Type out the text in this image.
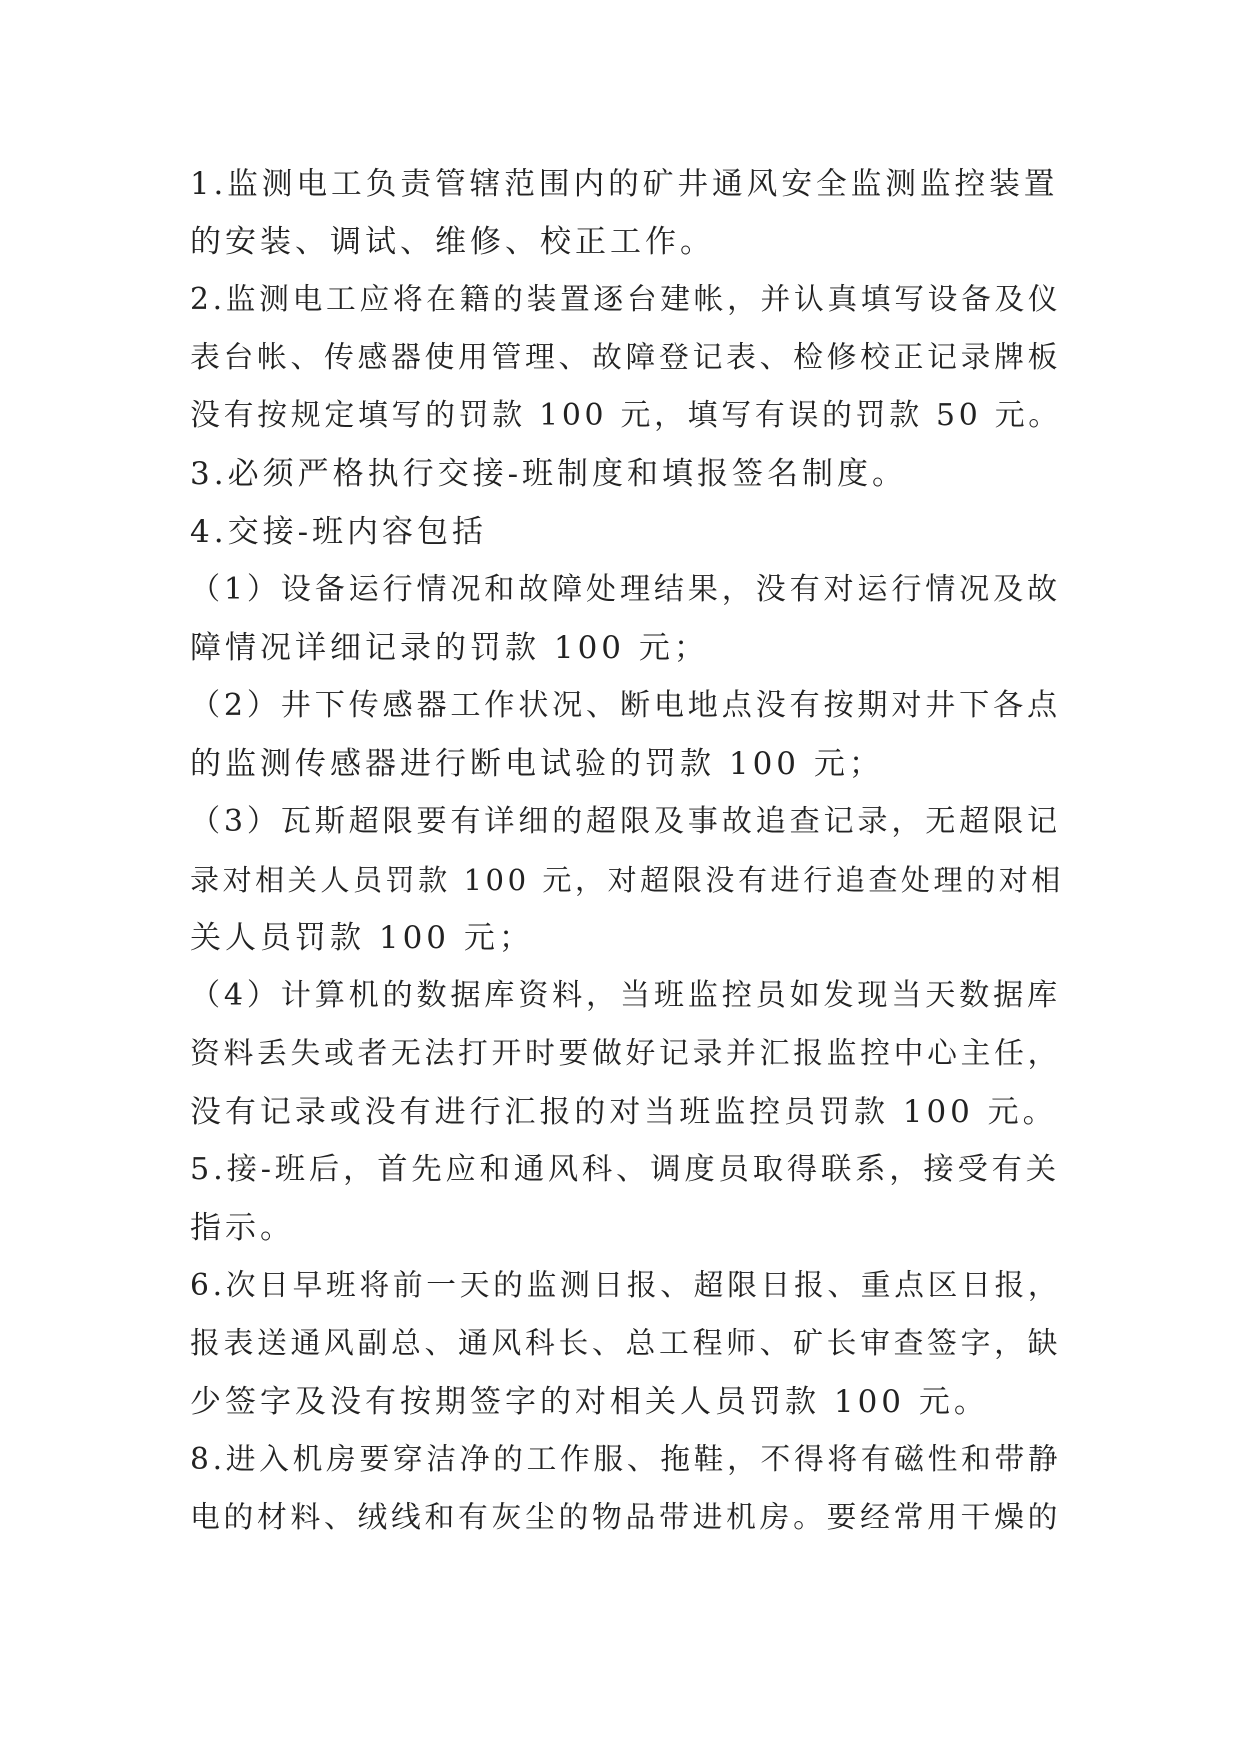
1.监测电工负责管辖范围内的矿井通风安全监测监控装置
的安装、调试、维修、校正工作。
2.监测电工应将在籍的装置逐台建帐，并认真填写设备及仪
表台帐、传感器使用管理、故障登记表、检修校正记录牌板
没有按规定填写的罚款 100 元，填写有误的罚款 50 元。
3.必须严格执行交接-班制度和填报签名制度。
4.交接-班内容包括
（1）设备运行情况和故障处理结果，没有对运行情况及故
障情况详细记录的罚款 100 元；
（2）井下传感器工作状况、断电地点没有按期对井下各点
的监测传感器进行断电试验的罚款 100 元；
（3）瓦斯超限要有详细的超限及事故追查记录，无超限记
录对相关人员罚款 100 元，对超限没有进行追查处理的对相
关人员罚款 100 元；
（4）计算机的数据库资料，当班监控员如发现当天数据库
资料丢失或者无法打开时要做好记录并汇报监控中心主任，
没有记录或没有进行汇报的对当班监控员罚款 100 元。
5.接-班后，首先应和通风科、调度员取得联系，接受有关
指示。
6.次日早班将前一天的监测日报、超限日报、重点区日报，
报表送通风副总、通风科长、总工程师、矿长审查签字，缺
少签字及没有按期签字的对相关人员罚款 100 元。
8.进入机房要穿洁净的工作服、拖鞋，不得将有磁性和带静
电的材料、绒线和有灰尘的物品带进机房。要经常用干燥的
